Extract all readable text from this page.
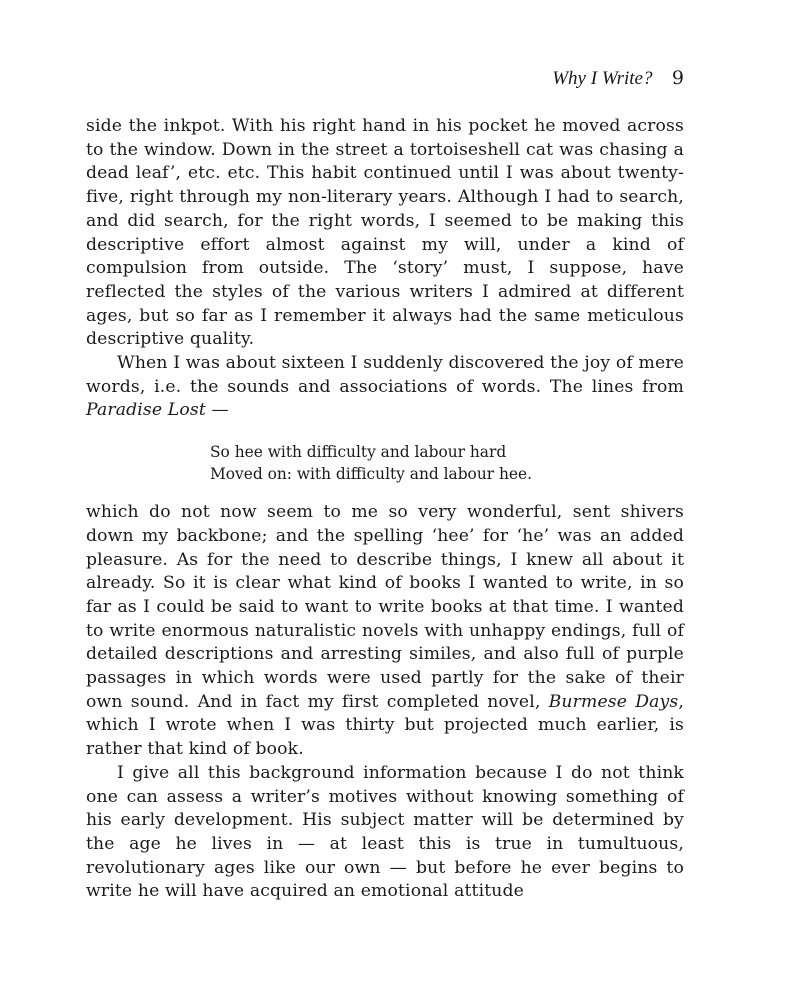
Why I Write? 9

side the inkpot. With his right hand in his pocket he moved across to the window. Down in the street a tortoiseshell cat was chasing a dead leaf’, etc. etc. This habit continued until I was about twenty-five, right through my non-literary years. Although I had to search, and did search, for the right words, I seemed to be making this descriptive effort almost against my will, under a kind of compulsion from outside. The ‘story’ must, I suppose, have reflected the styles of the various writers I admired at different ages, but so far as I remember it always had the same meticulous descriptive quality.

When I was about sixteen I suddenly discovered the joy of mere words, i.e. the sounds and associations of words. The lines from Paradise Lost —

So hee with difficulty and labour hard
Moved on: with difficulty and labour hee.

which do not now seem to me so very wonderful, sent shivers down my backbone; and the spelling ‘hee’ for ‘he’ was an added pleasure. As for the need to describe things, I knew all about it already. So it is clear what kind of books I wanted to write, in so far as I could be said to want to write books at that time. I wanted to write enormous naturalistic novels with unhappy endings, full of detailed descriptions and arresting similes, and also full of purple passages in which words were used partly for the sake of their own sound. And in fact my first completed novel, Burmese Days, which I wrote when I was thirty but projected much earlier, is rather that kind of book.

I give all this background information because I do not think one can assess a writer’s motives without knowing something of his early development. His subject matter will be determined by the age he lives in — at least this is true in tumultuous, revolutionary ages like our own — but before he ever begins to write he will have acquired an emotional attitude
